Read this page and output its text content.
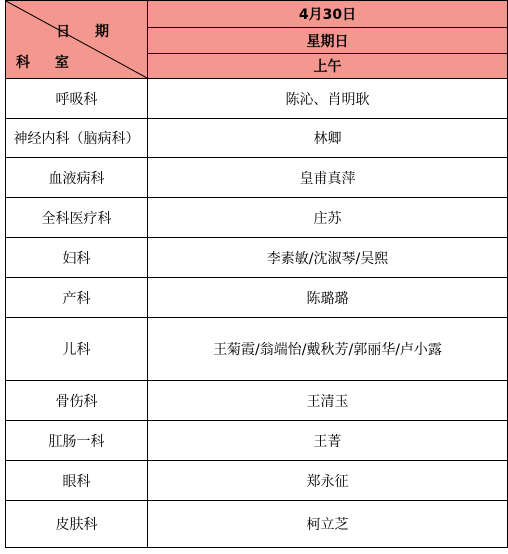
日 期
科 室	4月30日
	星期日
	上午
呼吸科	陈沁、肖明耿
神经内科（脑病科）	林卿
血液病科	皇甫真萍
全科医疗科	庄苏
妇科	李素敏/沈淑琴/吴熙
产科	陈璐璐
儿科	王菊霞/翁端怡/戴秋芳/郭丽华/卢小露
骨伤科	王清玉
肛肠一科	王菁
眼科	郑永征
皮肤科	柯立芝
